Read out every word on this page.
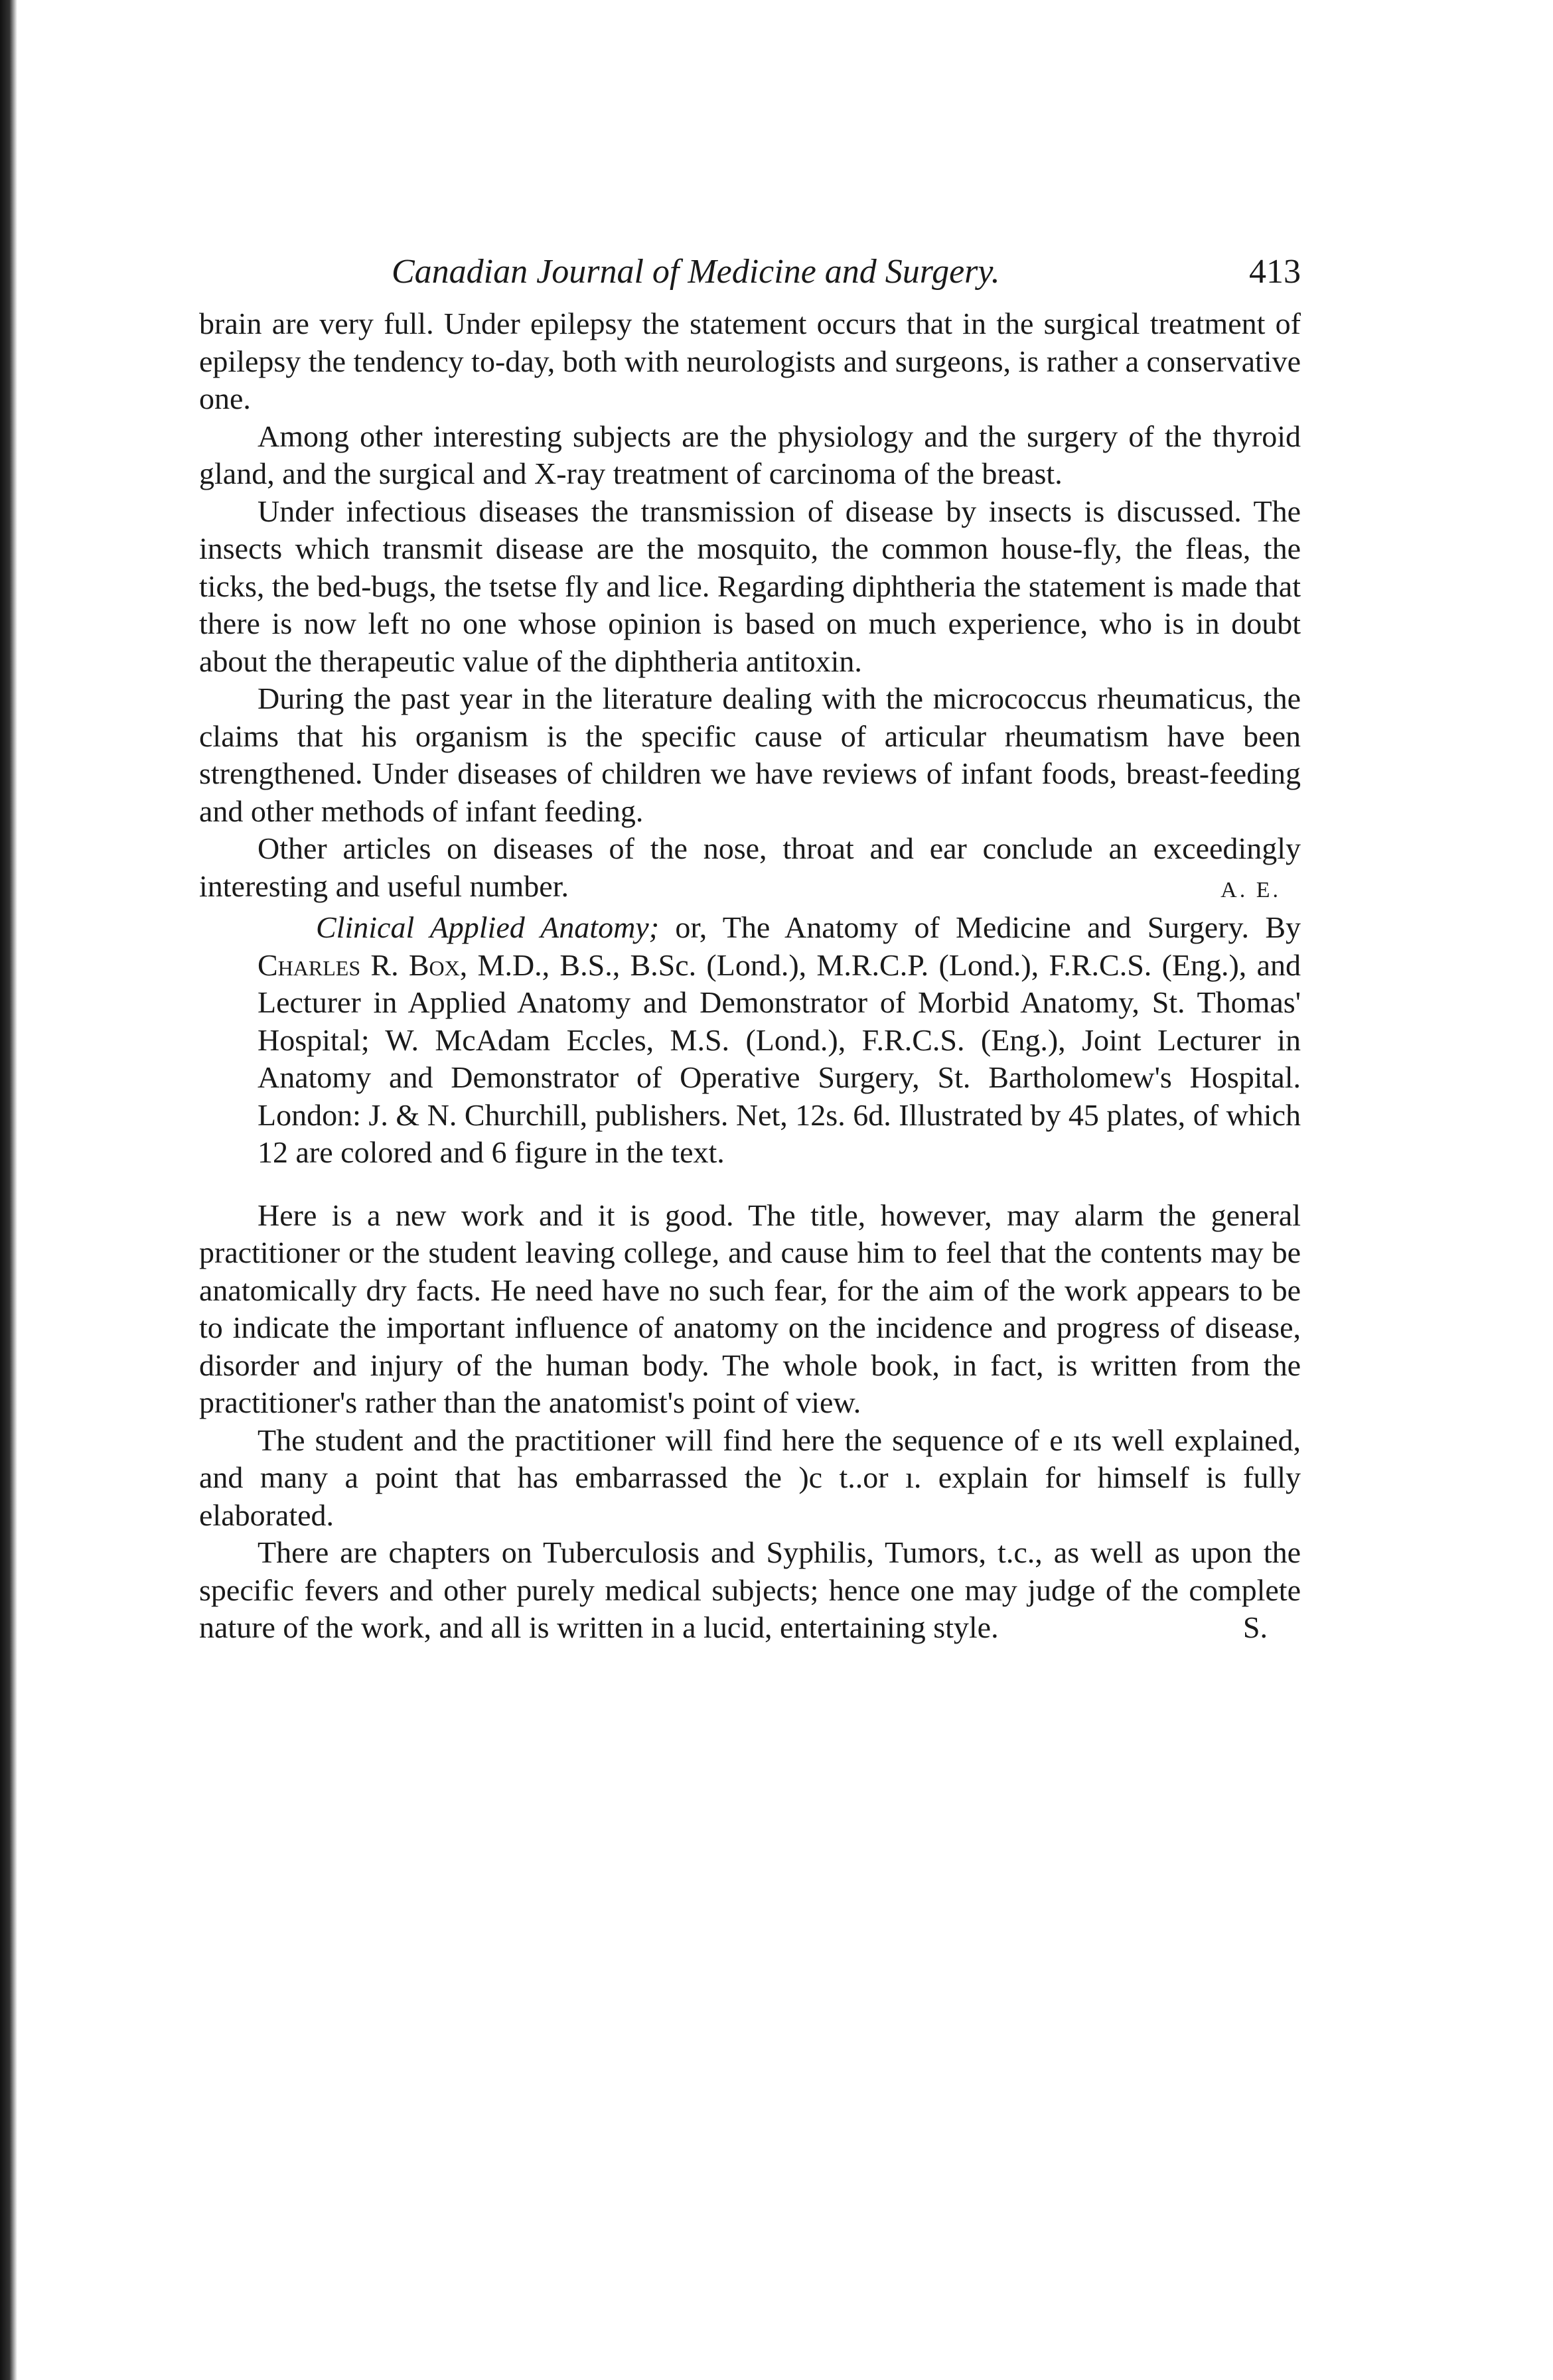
Canadian Journal of Medicine and Surgery.	413

brain are very full. Under epilepsy the statement occurs that in the surgical treatment of epilepsy the tendency to-day, both with neurologists and surgeons, is rather a conservative one.

Among other interesting subjects are the physiology and the surgery of the thyroid gland, and the surgical and X-ray treatment of carcinoma of the breast.

Under infectious diseases the transmission of disease by insects is discussed. The insects which transmit disease are the mosquito, the common house-fly, the fleas, the ticks, the bed-bugs, the tsetse fly and lice. Regarding diphtheria the statement is made that there is now left no one whose opinion is based on much experience, who is in doubt about the therapeutic value of the diphtheria antitoxin.

During the past year in the literature dealing with the micrococcus rheumaticus, the claims that his organism is the specific cause of articular rheumatism have been strengthened. Under diseases of children we have reviews of infant foods, breast-feeding and other methods of infant feeding.

Other articles on diseases of the nose, throat and ear conclude an exceedingly interesting and useful number.	A. E.

Clinical Applied Anatomy; or, The Anatomy of Medicine and Surgery. By Charles R. Box, M.D., B.S., B.Sc. (Lond.), M.R.C.P. (Lond.), F.R.C.S. (Eng.), and Lecturer in Applied Anatomy and Demonstrator of Morbid Anatomy, St. Thomas' Hospital; W. McAdam Eccles, M.S. (Lond.), F.R.C.S. (Eng.), Joint Lecturer in Anatomy and Demonstrator of Operative Surgery, St. Bartholomew's Hospital. London: J. & N. Churchill, publishers. Net, 12s. 6d. Illustrated by 45 plates, of which 12 are colored and 6 figure in the text.

Here is a new work and it is good. The title, however, may alarm the general practitioner or the student leaving college, and cause him to feel that the contents may be anatomically dry facts. He need have no such fear, for the aim of the work appears to be to indicate the important influence of anatomy on the incidence and progress of disease, disorder and injury of the human body. The whole book, in fact, is written from the practitioner's rather than the anatomist's point of view.

The student and the practitioner will find here the sequence of e ıts well explained, and many a point that has embarrassed the )c t..or ı. explain for himself is fully elaborated.

There are chapters on Tuberculosis and Syphilis, Tumors, t.c., as well as upon the specific fevers and other purely medical subjects; hence one may judge of the complete nature of the work, and all is written in a lucid, entertaining style.	S.
